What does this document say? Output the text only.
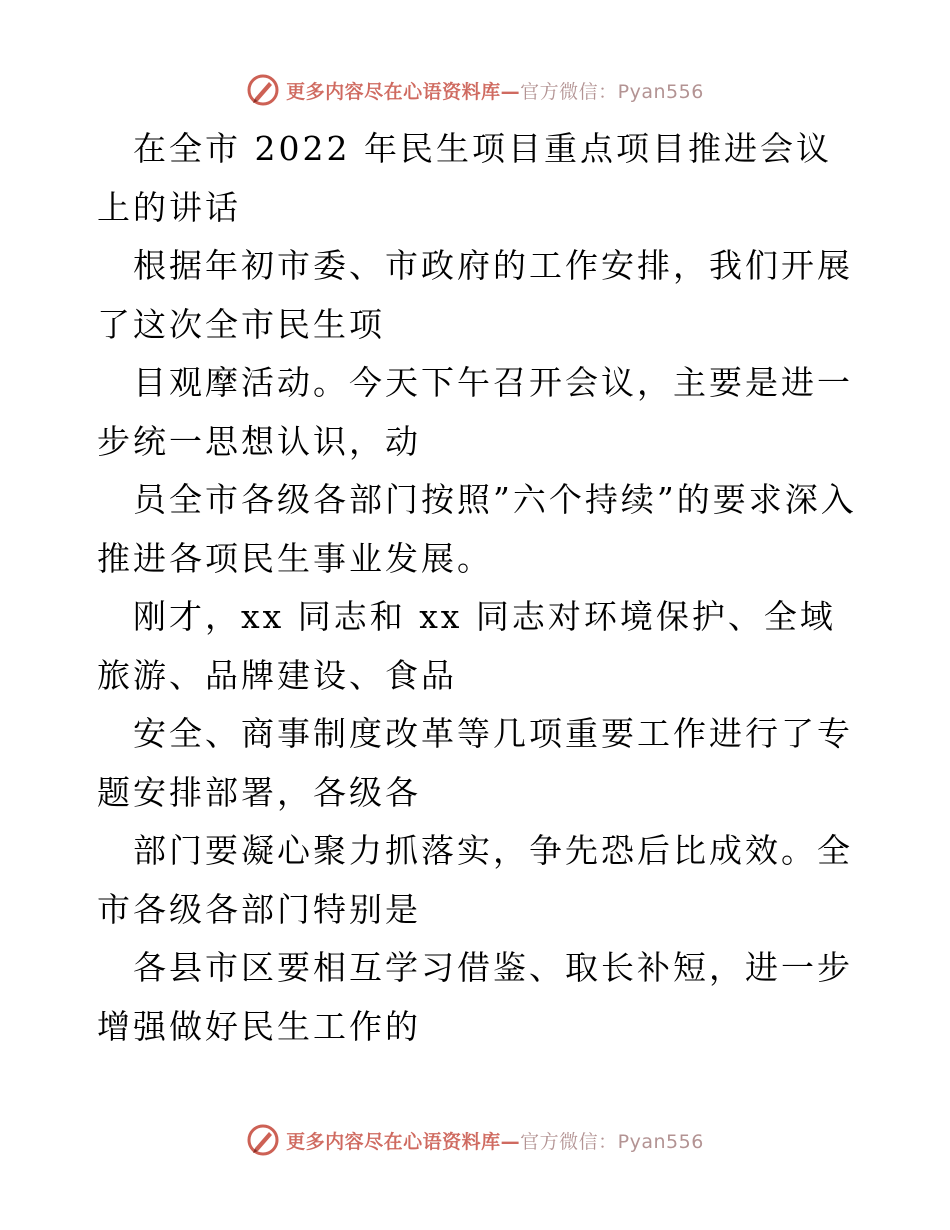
更多内容尽在心语资料库—官方微信：Pyan556

在全市 2022 年民生项目重点项目推进会议上的讲话

根据年初市委、市政府的工作安排，我们开展了这次全市民生项

目观摩活动。今天下午召开会议，主要是进一步统一思想认识，动

员全市各级各部门按照”六个持续”的要求深入推进各项民生事业发展。

刚才，xx 同志和 xx 同志对环境保护、全域旅游、品牌建设、食品

安全、商事制度改革等几项重要工作进行了专题安排部署，各级各

部门要凝心聚力抓落实，争先恐后比成效。全市各级各部门特别是

各县市区要相互学习借鉴、取长补短，进一步增强做好民生工作的

更多内容尽在心语资料库—官方微信：Pyan556
